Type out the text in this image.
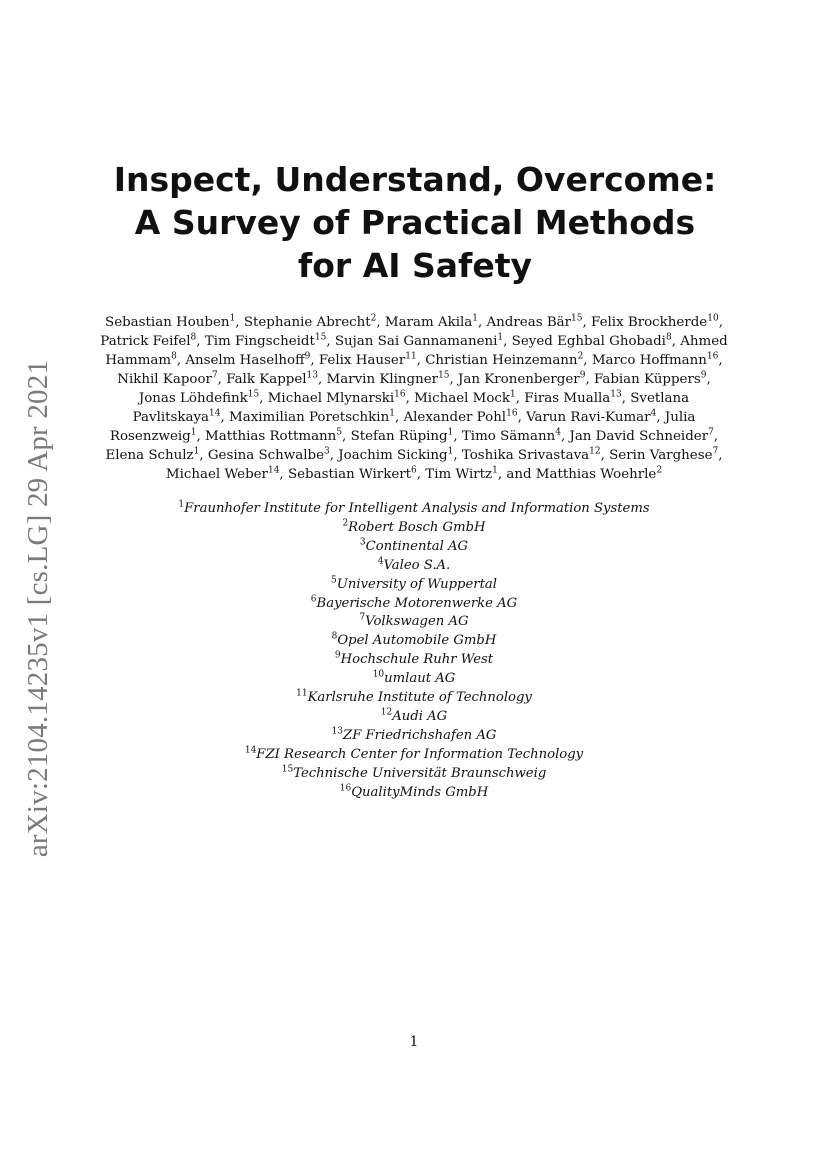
arXiv:2104.14235v1 [cs.LG] 29 Apr 2021
Inspect, Understand, Overcome:
A Survey of Practical Methods
for AI Safety
Sebastian Houben$^1$, Stephanie Abrecht$^2$, Maram Akila$^1$, Andreas Bär$^{15}$, Felix Brockherde$^{10}$,
Patrick Feifel$^8$, Tim Fingscheidt$^{15}$, Sujan Sai Gannamaneni$^1$, Seyed Eghbal Ghobadi$^8$, Ahmed
Hammam$^8$, Anselm Haselhoff$^9$, Felix Hauser$^{11}$, Christian Heinzemann$^2$, Marco Hoffmann$^{16}$,
Nikhil Kapoor$^7$, Falk Kappel$^{13}$, Marvin Klingner$^{15}$, Jan Kronenberger$^9$, Fabian Küppers$^9$,
Jonas Löhdefink$^{15}$, Michael Mlynarski$^{16}$, Michael Mock$^1$, Firas Mualla$^{13}$, Svetlana
Pavlitskaya$^{14}$, Maximilian Poretschkin$^1$, Alexander Pohl$^{16}$, Varun Ravi-Kumar$^4$, Julia
Rosenzweig$^1$, Matthias Rottmann$^5$, Stefan Rüping$^1$, Timo Sämann$^4$, Jan David Schneider$^7$,
Elena Schulz$^1$, Gesina Schwalbe$^3$, Joachim Sicking$^1$, Toshika Srivastava$^{12}$, Serin Varghese$^7$,
Michael Weber$^{14}$, Sebastian Wirkert$^6$, Tim Wirtz$^1$, and Matthias Woehrle$^2$
$^1$Fraunhofer Institute for Intelligent Analysis and Information Systems
$^2$Robert Bosch GmbH
$^3$Continental AG
$^4$Valeo S.A.
$^5$University of Wuppertal
$^6$Bayerische Motorenwerke AG
$^7$Volkswagen AG
$^8$Opel Automobile GmbH
$^9$Hochschule Ruhr West
$^{10}$umlaut AG
$^{11}$Karlsruhe Institute of Technology
$^{12}$Audi AG
$^{13}$ZF Friedrichshafen AG
$^{14}$FZI Research Center for Information Technology
$^{15}$Technische Universität Braunschweig
$^{16}$QualityMinds GmbH
1
